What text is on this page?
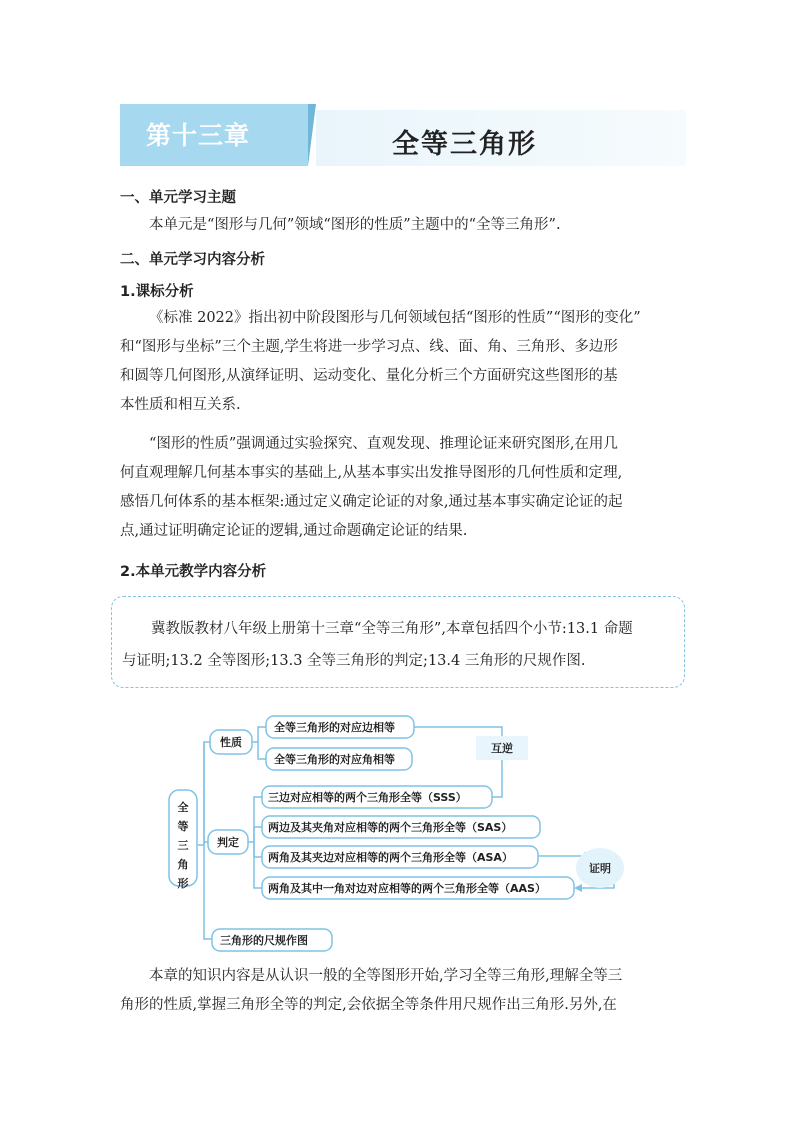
第十三章	全等三角形
一、单元学习主题
本单元是“图形与几何”领域“图形的性质”主题中的“全等三角形”.
二、单元学习内容分析
1.课标分析
《标准 2022》指出初中阶段图形与几何领域包括“图形的性质”“图形的变化”
和“图形与坐标”三个主题,学生将进一步学习点、线、面、角、三角形、多边形
和圆等几何图形,从演绎证明、运动变化、量化分析三个方面研究这些图形的基
本性质和相互关系.
“图形的性质”强调通过实验探究、直观发现、推理论证来研究图形,在用几
何直观理解几何基本事实的基础上,从基本事实出发推导图形的几何性质和定理,
感悟几何体系的基本框架:通过定义确定论证的对象,通过基本事实确定论证的起
点,通过证明确定论证的逻辑,通过命题确定论证的结果.
2.本单元教学内容分析
冀教版教材八年级上册第十三章“全等三角形”,本章包括四个小节:13.1 命题
与证明;13.2 全等图形;13.3 全等三角形的判定;13.4 三角形的尺规作图.
全
等
三
角
形
性质
判定
三角形的尺规作图
全等三角形的对应边相等
全等三角形的对应角相等
三边对应相等的两个三角形全等（SSS）
两边及其夹角对应相等的两个三角形全等（SAS）
两角及其夹边对应相等的两个三角形全等（ASA）
两角及其中一角对边对应相等的两个三角形全等（AAS）
互逆
证明
本章的知识内容是从认识一般的全等图形开始,学习全等三角形,理解全等三
角形的性质,掌握三角形全等的判定,会依据全等条件用尺规作出三角形.另外,在
